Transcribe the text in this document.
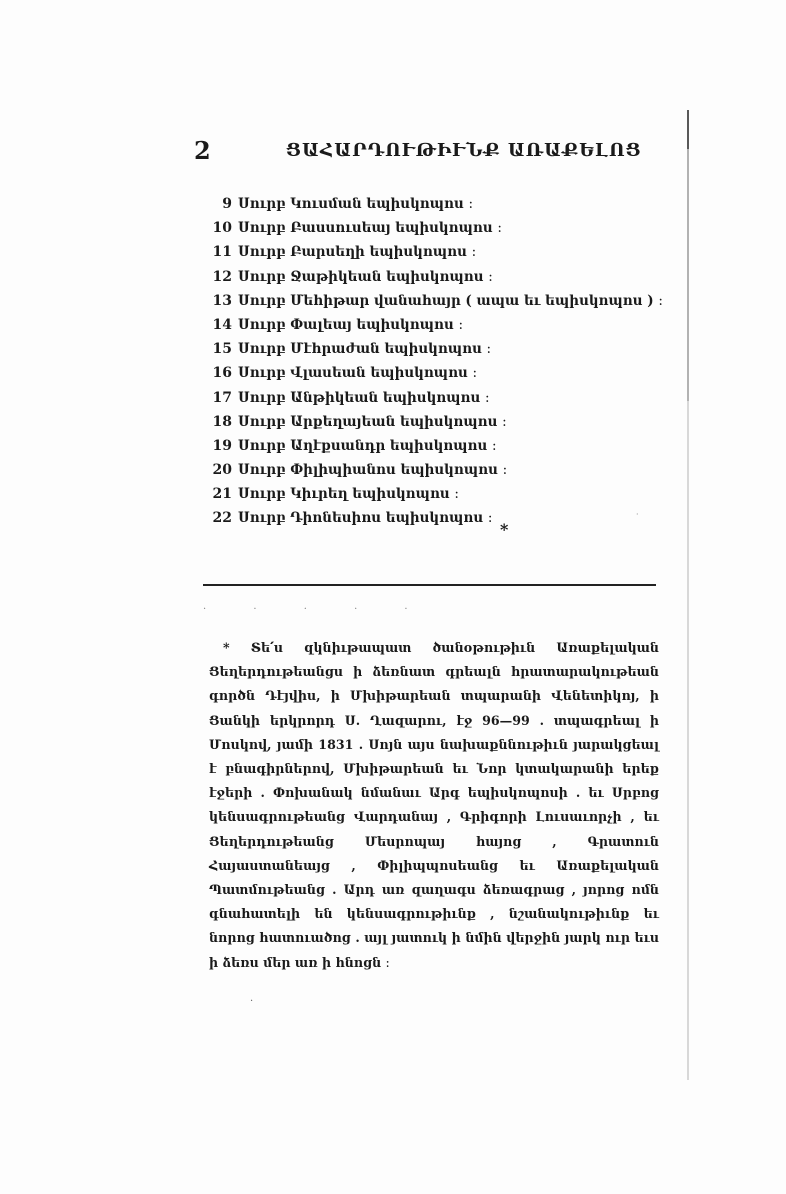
2	ՑԱՀԱՐԴՈՒԹԻՒՆՔ ԱՌԱՔԵԼՈՑ
9 Սուրբ Կուսման եպիսկոպոս ։
10 Սուրբ Բասսուսեայ եպիսկոպոս ։
11 Սուրբ Բարսեղի եպիսկոպոս ։
12 Սուրբ Ջաթիկեան եպիսկոպոս ։
13 Սուրբ Մեհիթար վանահայր ( ապա եւ եպիսկոպոս ) ։
14 Սուրբ Փալեայ եպիսկոպոս ։
15 Սուրբ Մէհրաժան եպիսկոպոս ։
16 Սուրբ Վլասեան եպիսկոպոս ։
17 Սուրբ Անթիկեան եպիսկոպոս ։
18 Սուրբ Արքեղայեան եպիսկոպոս ։
19 Սուրբ Աղէքսանդր եպիսկոպոս ։
20 Սուրբ Փիլիպիանոս եպիսկոպոս ։
21 Սուրբ Կիւրեղ եպիսկոպոս ։
22 Սուրբ Դիոնեսիոս եպիսկոպոս ։
*
·
· · · · ·

* Տե՛ս զկնիւթապատ ծանօթութիւն Առաքելական Ցեղերդութեանցս ի ձեռնատ գրեալն հրատարակութեան գործն Դէյվիս, ի Մխիթարեան տպարանի Վենետիկոյ, ի Ցանկի երկրորդ Ս. Ղազարու, էջ 96—99 . տպագրեալ ի Մոսկով, յամի 1831 . Սոյն այս նախաքննութիւն յարակցեալ է բնագիրներով, Մխիթարեան եւ Նոր կտակարանի երեք էջերի . Փոխանակ նմանաւ Արգ եպիսկոպոսի . եւ Սրբոց կենսագրութեանց Վարդանայ , Գրիգորի Լուսաւորչի , եւ Ցեղերդութեանց Մեսրոպայ հայոց , Գրատուն Հայաստանեայց , Փիլիպպոսեանց եւ Առաքելական Պատմութեանց . Արդ առ զաղագս ձեռագրաց , յորոց ոմն գնահատելի են կենսագրութիւնք , նշանակութիւնք եւ նորոց հատուածոց . այլ յատուկ ի նմին վերջին յարկ ուր եւս ի ձեռս մեր առ ի հնոցն ։

·
